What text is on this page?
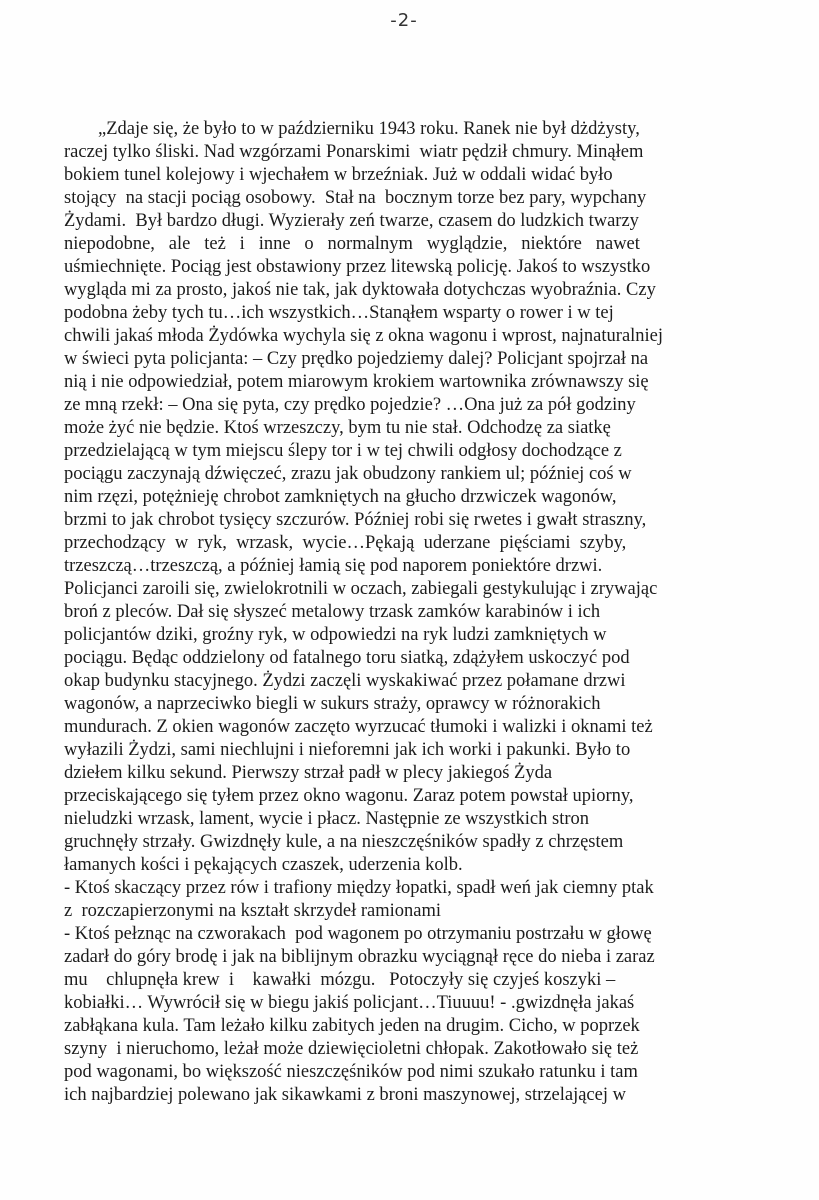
-2-
„Zdaje się, że było to w październiku 1943 roku. Ranek nie był dżdżysty,
raczej tylko śliski. Nad wzgórzami Ponarskimi  wiatr pędził chmury. Minąłem
bokiem tunel kolejowy i wjechałem w brzeźniak. Już w oddali widać było
stojący  na stacji pociąg osobowy.  Stał na  bocznym torze bez pary, wypchany
Żydami.  Był bardzo długi. Wyzierały zeń twarze, czasem do ludzkich twarzy
niepodobne,   ale   też   i   inne   o   normalnym   wyglądzie,   niektóre   nawet
uśmiechnięte. Pociąg jest obstawiony przez litewską policję. Jakoś to wszystko
wygląda mi za prosto, jakoś nie tak, jak dyktowała dotychczas wyobraźnia. Czy
podobna żeby tych tu…ich wszystkich…Stanąłem wsparty o rower i w tej
chwili jakaś młoda Żydówka wychyla się z okna wagonu i wprost, najnaturalniej
w świeci pyta policjanta: – Czy prędko pojedziemy dalej? Policjant spojrzał na
nią i nie odpowiedział, potem miarowym krokiem wartownika zrównawszy się
ze mną rzekł: – Ona się pyta, czy prędko pojedzie? …Ona już za pół godziny
może żyć nie będzie. Ktoś wrzeszczy, bym tu nie stał. Odchodzę za siatkę
przedzielającą w tym miejscu ślepy tor i w tej chwili odgłosy dochodzące z
pociągu zaczynają dźwięczeć, zrazu jak obudzony rankiem ul; później coś w
nim rzęzi, potężnieję chrobot zamkniętych na głucho drzwiczek wagonów,
brzmi to jak chrobot tysięcy szczurów. Później robi się rwetes i gwałt straszny,
przechodzący  w  ryk,  wrzask,  wycie…Pękają  uderzane  pięściami  szyby,
trzeszczą…trzeszczą, a później łamią się pod naporem poniektóre drzwi.
Policjanci zaroili się, zwielokrotnili w oczach, zabiegali gestykulując i zrywając
broń z pleców. Dał się słyszeć metalowy trzask zamków karabinów i ich
policjantów dziki, groźny ryk, w odpowiedzi na ryk ludzi zamkniętych w
pociągu. Będąc oddzielony od fatalnego toru siatką, zdążyłem uskoczyć pod
okap budynku stacyjnego. Żydzi zaczęli wyskakiwać przez połamane drzwi
wagonów, a naprzeciwko biegli w sukurs straży, oprawcy w różnorakich
mundurach. Z okien wagonów zaczęto wyrzucać tłumoki i walizki i oknami też
wyłazili Żydzi, sami niechlujni i nieforemni jak ich worki i pakunki. Było to
dziełem kilku sekund. Pierwszy strzał padł w plecy jakiegoś Żyda
przeciskającego się tyłem przez okno wagonu. Zaraz potem powstał upiorny,
nieludzki wrzask, lament, wycie i płacz. Następnie ze wszystkich stron
gruchnęły strzały. Gwizdnęły kule, a na nieszczęśników spadły z chrzęstem
łamanych kości i pękających czaszek, uderzenia kolb.
- Ktoś skaczący przez rów i trafiony między łopatki, spadł weń jak ciemny ptak
z  rozczapierzonymi na kształt skrzydeł ramionami
- Ktoś pełznąc na czworakach  pod wagonem po otrzymaniu postrzału w głowę
zadarł do góry brodę i jak na biblijnym obrazku wyciągnął ręce do nieba i zaraz
mu    chlupnęła krew  i    kawałki  mózgu.   Potoczyły się czyjeś koszyki –
kobiałki… Wywrócił się w biegu jakiś policjant…Tiuuuu! - .gwizdnęła jakaś
zabłąkana kula. Tam leżało kilku zabitych jeden na drugim. Cicho, w poprzek
szyny  i nieruchomo, leżał może dziewięcioletni chłopak. Zakotłowało się też
pod wagonami, bo większość nieszczęśników pod nimi szukało ratunku i tam
ich najbardziej polewano jak sikawkami z broni maszynowej, strzelającej w
